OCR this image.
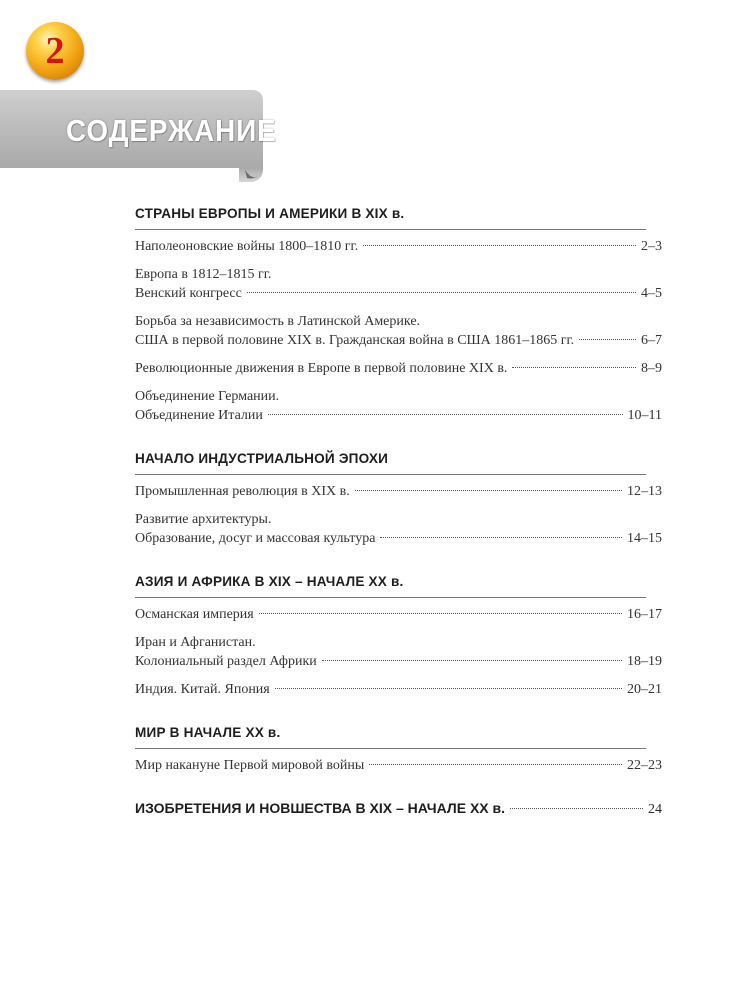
2
СОДЕРЖАНИЕ
СТРАНЫ ЕВРОПЫ И АМЕРИКИ В XIX в.
Наполеоновские войны 1800–1810 гг.	2–3
Европа в 1812–1815 гг.
Венский конгресс	4–5
Борьба за независимость в Латинской Америке.
США в первой половине XIX в. Гражданская война в США 1861–1865 гг.	6–7
Революционные движения в Европе в первой половине XIX в.	8–9
Объединение Германии.
Объединение Италии	10–11
НАЧАЛО ИНДУСТРИАЛЬНОЙ ЭПОХИ
Промышленная революция в XIX в.	12–13
Развитие архитектуры.
Образование, досуг и массовая культура	14–15
АЗИЯ И АФРИКА В XIX – НАЧАЛЕ XX в.
Османская империя	16–17
Иран и Афганистан.
Колониальный раздел Африки	18–19
Индия. Китай. Япония	20–21
МИР В НАЧАЛЕ XX в.
Мир накануне Первой мировой войны	22–23
ИЗОБРЕТЕНИЯ И НОВШЕСТВА В XIX – НАЧАЛЕ XX в.	24
